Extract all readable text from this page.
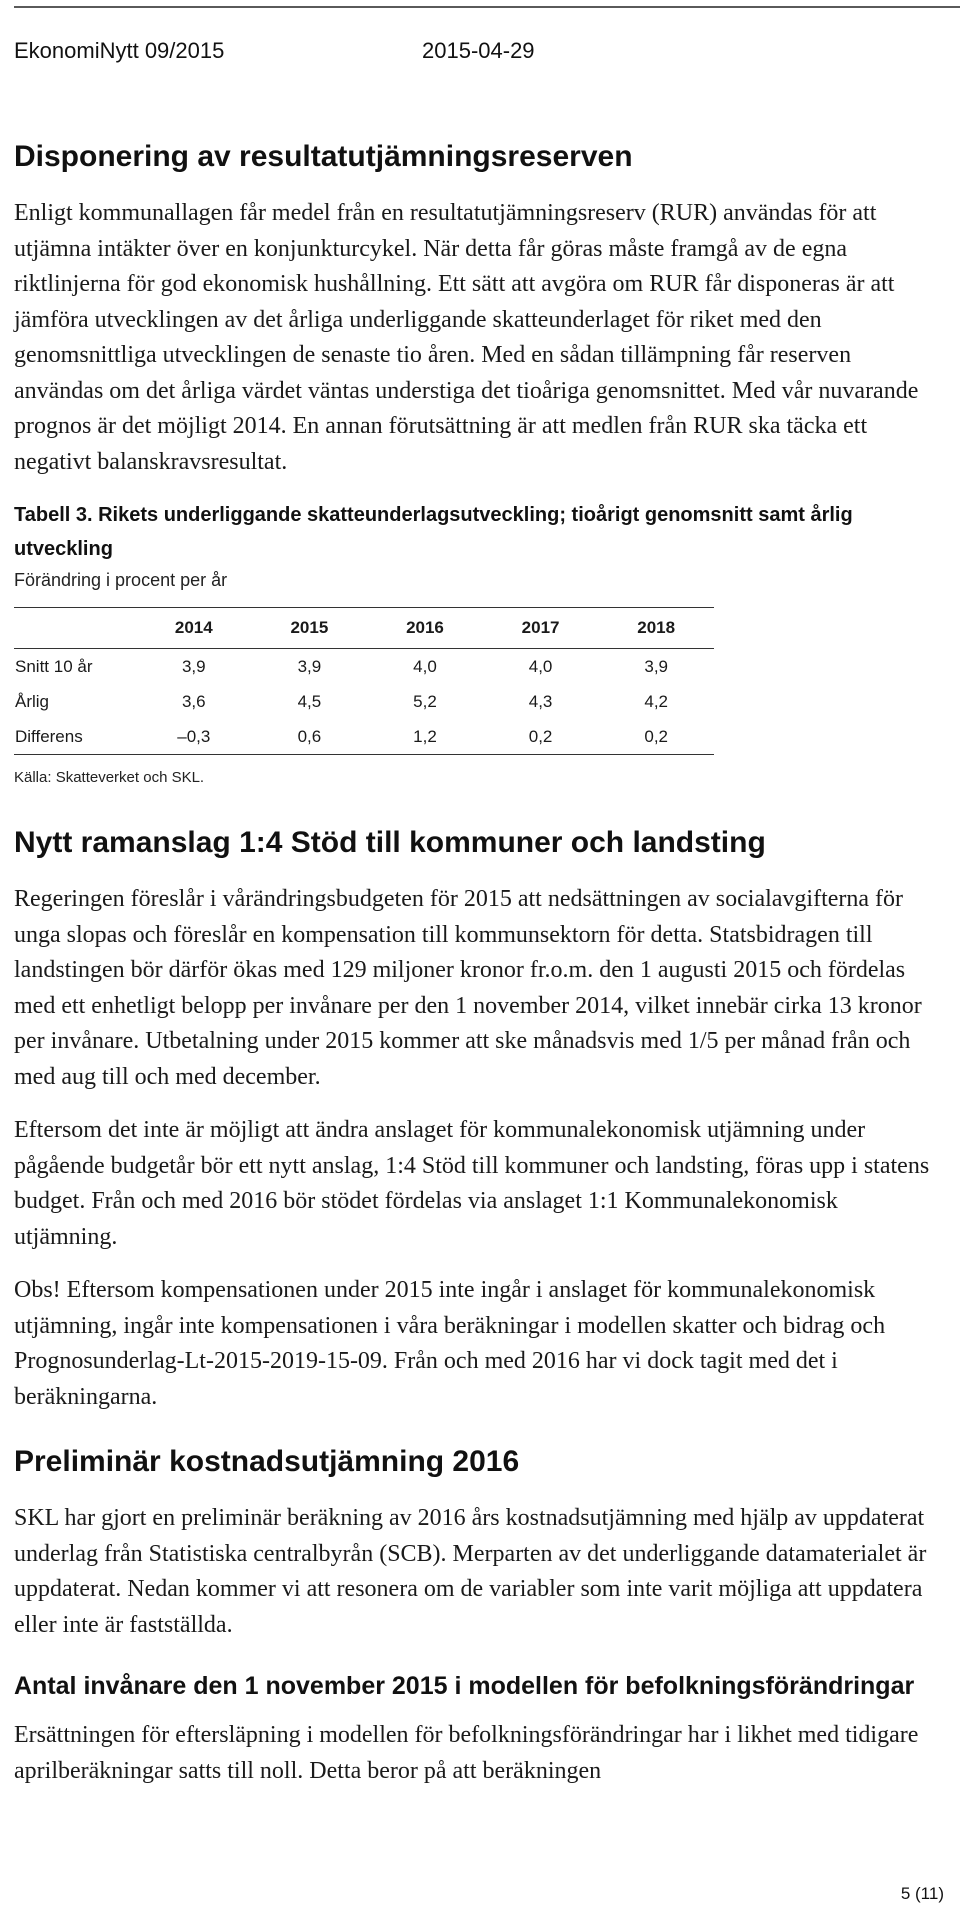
EkonomiNytt 09/2015	2015-04-29
Disponering av resultatutjämningsreserven

Enligt kommunallagen får medel från en resultatutjämningsreserv (RUR) användas för att utjämna intäkter över en konjunkturcykel. När detta får göras måste framgå av de egna riktlinjerna för god ekonomisk hushållning. Ett sätt att avgöra om RUR får disponeras är att jämföra utvecklingen av det årliga underliggande skatteunderlaget för riket med den genomsnittliga utvecklingen de senaste tio åren. Med en sådan tillämpning får reserven användas om det årliga värdet väntas understiga det tioåriga genomsnittet. Med vår nuvarande prognos är det möjligt 2014. En annan förutsättning är att medlen från RUR ska täcka ett negativt balanskravsresultat.

Tabell 3. Rikets underliggande skatteunderlagsutveckling; tioårigt genomsnitt samt årlig utveckling
Förändring i procent per år
	2014	2015	2016	2017	2018
Snitt 10 år	3,9	3,9	4,0	4,0	3,9
Årlig	3,6	4,5	5,2	4,3	4,2
Differens	–0,3	0,6	1,2	0,2	0,2
Källa: Skatteverket och SKL.
Nytt ramanslag 1:4 Stöd till kommuner och landsting

Regeringen föreslår i vårändringsbudgeten för 2015 att nedsättningen av socialavgifterna för unga slopas och föreslår en kompensation till kommunsektorn för detta. Statsbidragen till landstingen bör därför ökas med 129 miljoner kronor fr.o.m. den 1 augusti 2015 och fördelas med ett enhetligt belopp per invånare per den 1 november 2014, vilket innebär cirka 13 kronor per invånare. Utbetalning under 2015 kommer att ske månadsvis med 1/5 per månad från och med aug till och med december.

Eftersom det inte är möjligt att ändra anslaget för kommunalekonomisk utjämning under pågående budgetår bör ett nytt anslag, 1:4 Stöd till kommuner och landsting, föras upp i statens budget. Från och med 2016 bör stödet fördelas via anslaget 1:1 Kommunalekonomisk utjämning.

Obs! Eftersom kompensationen under 2015 inte ingår i anslaget för kommunalekonomisk utjämning, ingår inte kompensationen i våra beräkningar i modellen skatter och bidrag och Prognosunderlag-Lt-2015-2019-15-09. Från och med 2016 har vi dock tagit med det i beräkningarna.

Preliminär kostnadsutjämning 2016

SKL har gjort en preliminär beräkning av 2016 års kostnadsutjämning med hjälp av uppdaterat underlag från Statistiska centralbyrån (SCB). Merparten av det underliggande datamaterialet är uppdaterat. Nedan kommer vi att resonera om de variabler som inte varit möjliga att uppdatera eller inte är fastställda.

Antal invånare den 1 november 2015 i modellen för befolkningsförändringar

Ersättningen för eftersläpning i modellen för befolkningsförändringar har i likhet med tidigare aprilberäkningar satts till noll. Detta beror på att beräkningen

5 (11)
